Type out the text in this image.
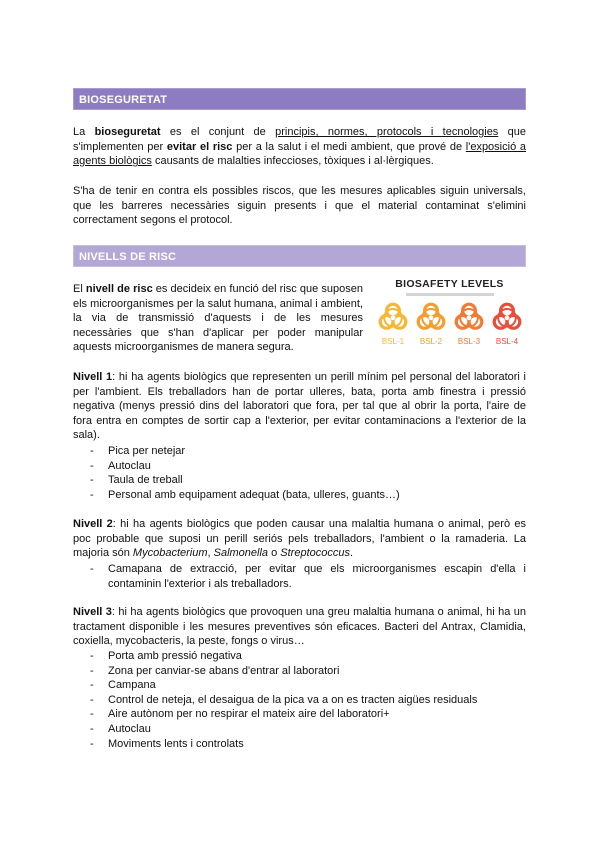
BIOSEGURETAT

La bioseguretat es el conjunt de principis, normes, protocols i tecnologies que s'implementen per evitar el risc per a la salut i el medi ambient, que prové de l'exposició a agents biològics causants de malalties infeccioses, tòxiques i al·lèrgiques.

S'ha de tenir en contra els possibles riscos, que les mesures aplicables siguin universals, que les barreres necessàries siguin presents i que el material contaminat s'elimini correctament segons el protocol.

NIVELLS DE RISC

El nivell de risc es decideix en funció del risc que suposen els microorganismes per la salut humana, animal i ambient, la via de transmissió d'aquests i de les mesures necessàries que s'han d'aplicar per poder manipular aquests microorganismes de manera segura.

BIOSAFETY LEVELS
BSL-1	BSL-2	BSL-3	BSL-4

Nivell 1: hi ha agents biològics que representen un perill mínim pel personal del laboratori i per l'ambient. Els treballadors han de portar ulleres, bata, porta amb finestra i pressió negativa (menys pressió dins del laboratori que fora, per tal que al obrir la porta, l'aire de fora entra en comptes de sortir cap a l'exterior, per evitar contaminacions a l'exterior de la sala).

- Pica per netejar
- Autoclau
- Taula de treball
- Personal amb equipament adequat (bata, ulleres, guants…)

Nivell 2: hi ha agents biològics que poden causar una malaltia humana o animal, però es poc probable que suposi un perill seriós pels treballadors, l'ambient o la ramaderia. La majoria són Mycobacterium, Salmonella o Streptococcus.

- Camapana de extracció, per evitar que els microorganismes escapin d'ella i contaminin l'exterior i als treballadors.

Nivell 3: hi ha agents biològics que provoquen una greu malaltia humana o animal, hi ha un tractament disponible i les mesures preventives són eficaces. Bacteri del Antrax, Clamidia, coxiella, mycobacteris, la peste, fongs o virus…

- Porta amb pressió negativa
- Zona per canviar-se abans d'entrar al laboratori
- Campana
- Control de neteja, el desaigua de la pica va a on es tracten aigües residuals
- Aire autònom per no respirar el mateix aire del laboratori+
- Autoclau
- Moviments lents i controlats
